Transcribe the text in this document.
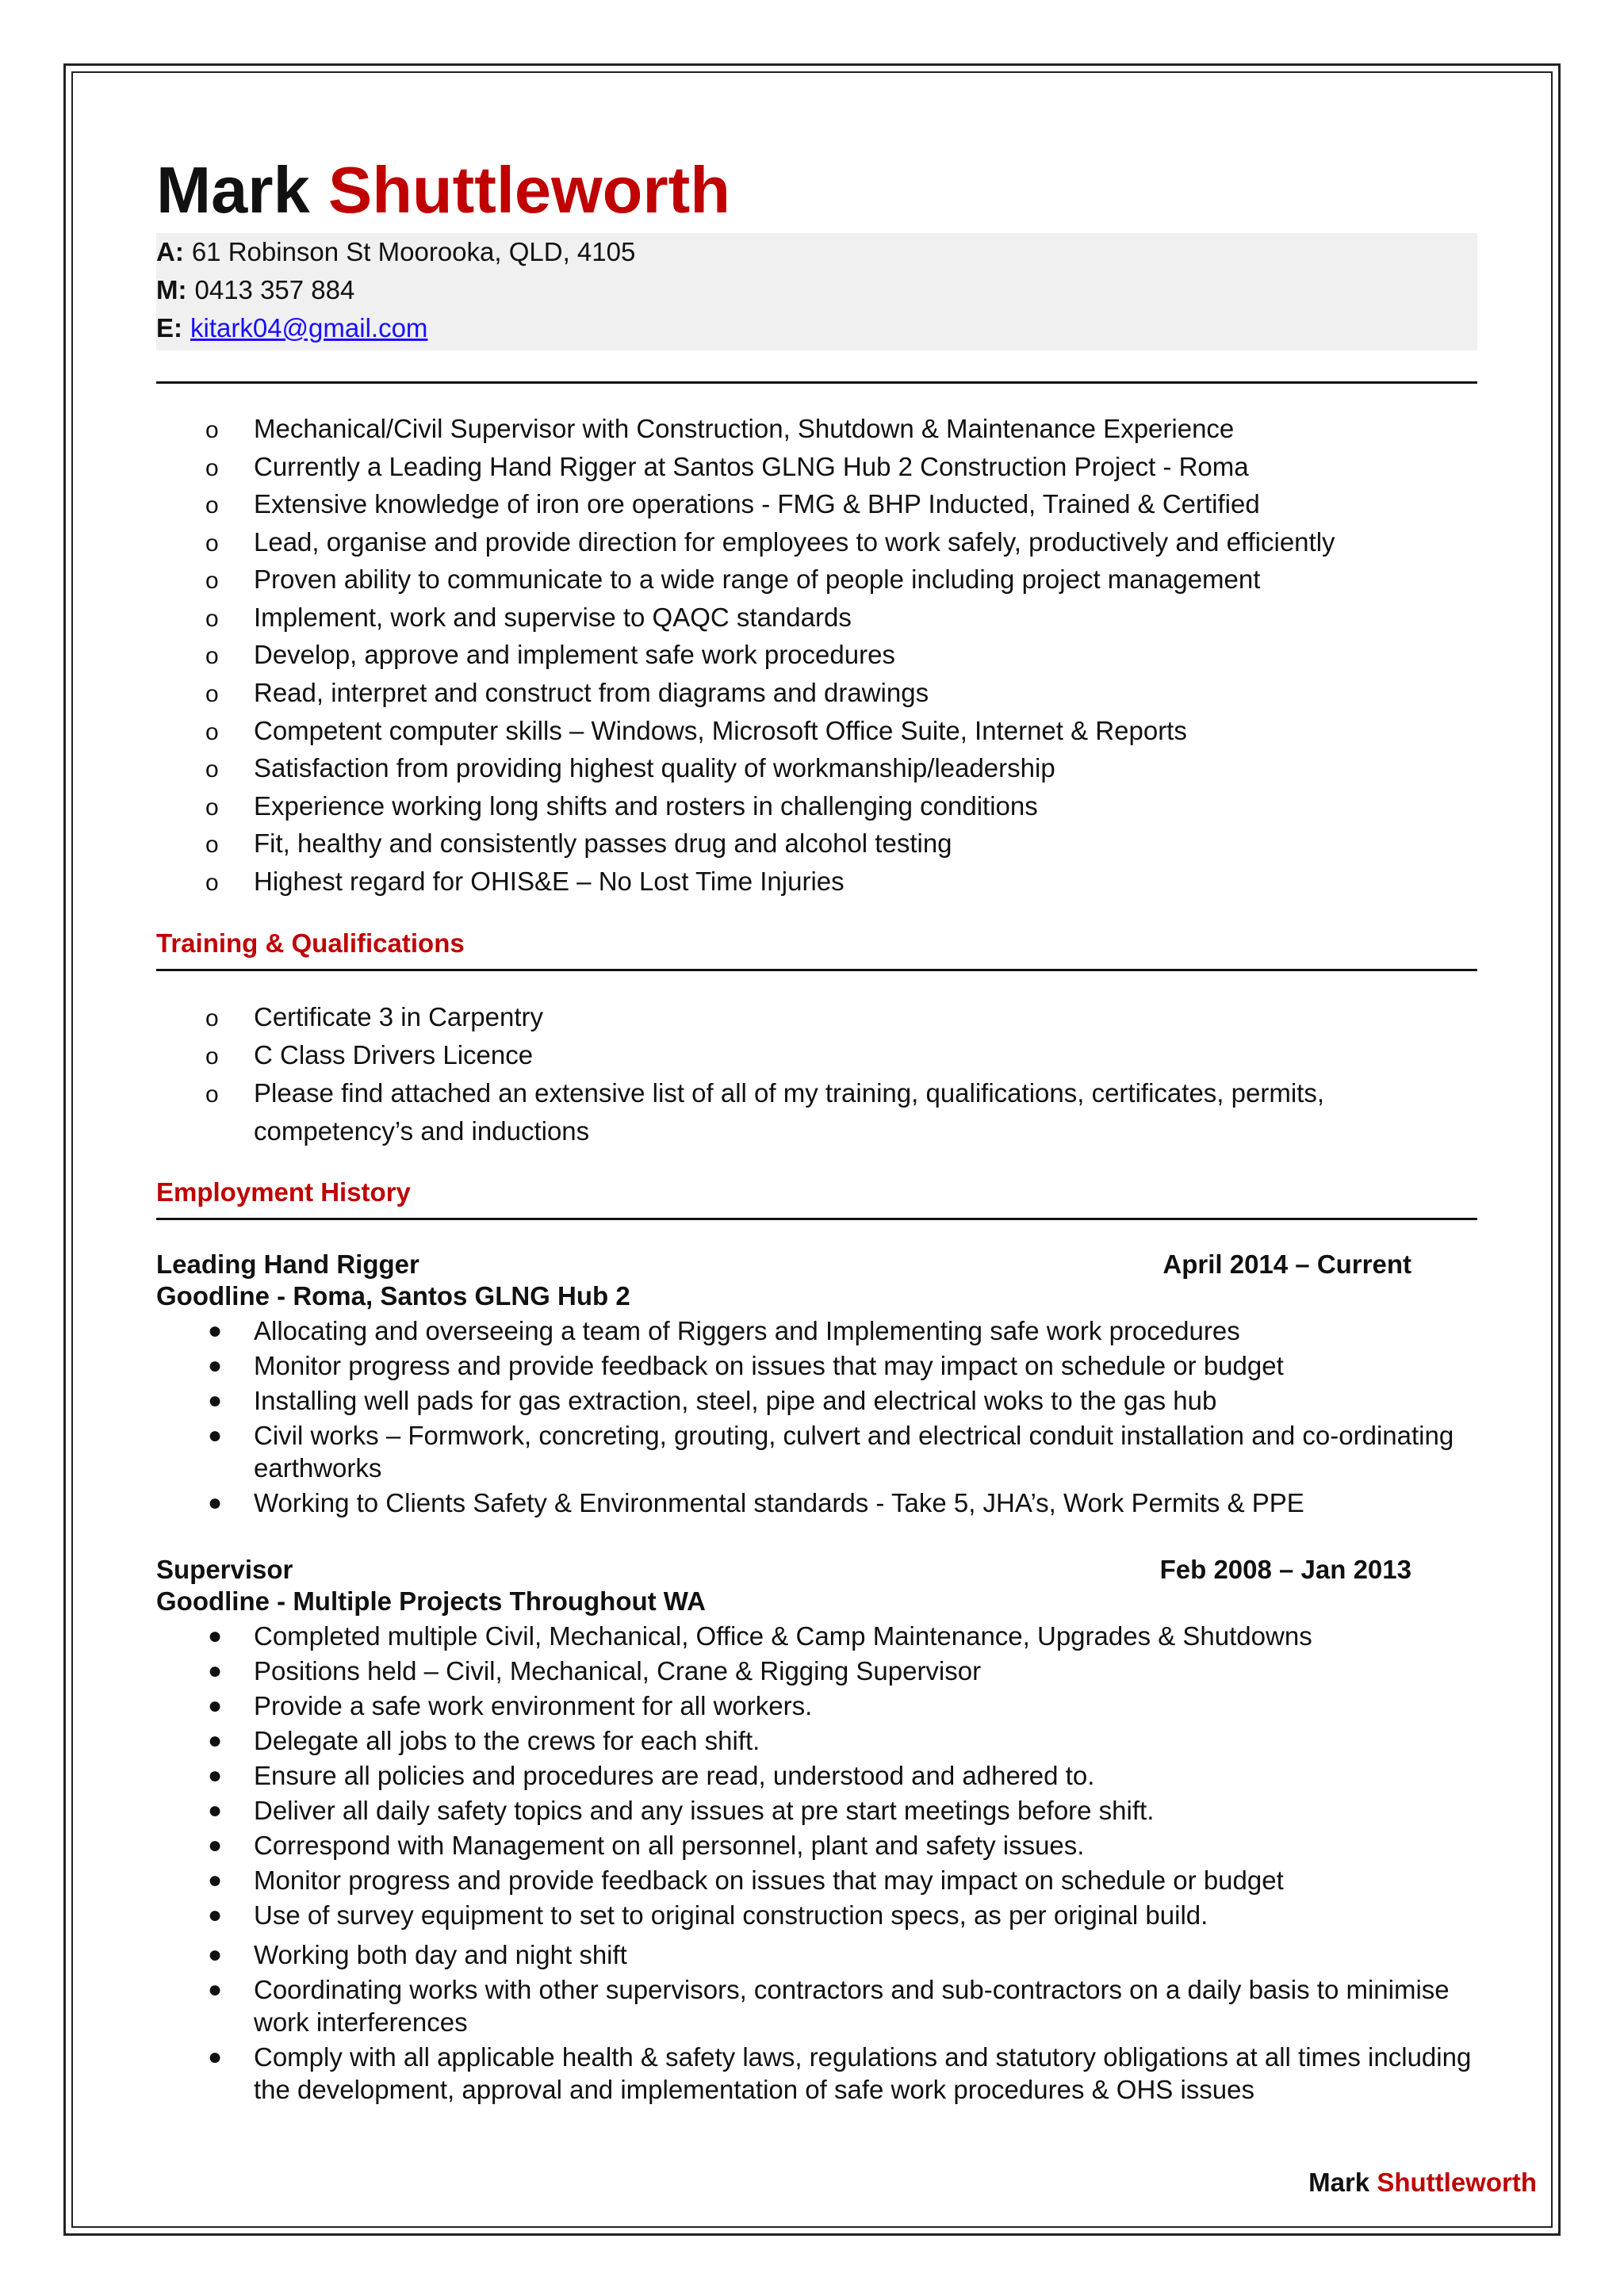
Mark Shuttleworth
A: 61 Robinson St Moorooka, QLD, 4105
M: 0413 357 884
E: kitark04@gmail.com
o Mechanical/Civil Supervisor with Construction, Shutdown & Maintenance Experience
o Currently a Leading Hand Rigger at Santos GLNG Hub 2 Construction Project - Roma
o Extensive knowledge of iron ore operations - FMG & BHP Inducted, Trained & Certified
o Lead, organise and provide direction for employees to work safely, productively and efficiently
o Proven ability to communicate to a wide range of people including project management
o Implement, work and supervise to QAQC standards
o Develop, approve and implement safe work procedures
o Read, interpret and construct from diagrams and drawings
o Competent computer skills – Windows, Microsoft Office Suite, Internet & Reports
o Satisfaction from providing highest quality of workmanship/leadership
o Experience working long shifts and rosters in challenging conditions
o Fit, healthy and consistently passes drug and alcohol testing
o Highest regard for OHIS&E – No Lost Time Injuries
Training & Qualifications
o Certificate 3 in Carpentry
o C Class Drivers Licence
o Please find attached an extensive list of all of my training, qualifications, certificates, permits,
competency’s and inductions
Employment History
Leading Hand Rigger	April 2014 – Current
Goodline - Roma, Santos GLNG Hub 2
● Allocating and overseeing a team of Riggers and Implementing safe work procedures
● Monitor progress and provide feedback on issues that may impact on schedule or budget
● Installing well pads for gas extraction, steel, pipe and electrical woks to the gas hub
● Civil works – Formwork, concreting, grouting, culvert and electrical conduit installation and co-ordinating earthworks
● Working to Clients Safety & Environmental standards - Take 5, JHA’s, Work Permits & PPE
Supervisor	Feb 2008 – Jan 2013
Goodline - Multiple Projects Throughout WA
● Completed multiple Civil, Mechanical, Office & Camp Maintenance, Upgrades & Shutdowns
● Positions held – Civil, Mechanical, Crane & Rigging Supervisor
● Provide a safe work environment for all workers.
● Delegate all jobs to the crews for each shift.
● Ensure all policies and procedures are read, understood and adhered to.
● Deliver all daily safety topics and any issues at pre start meetings before shift.
● Correspond with Management on all personnel, plant and safety issues.
● Monitor progress and provide feedback on issues that may impact on schedule or budget
● Use of survey equipment to set to original construction specs, as per original build.
● Working both day and night shift
● Coordinating works with other supervisors, contractors and sub-contractors on a daily basis to minimise work interferences
● Comply with all applicable health & safety laws, regulations and statutory obligations at all times including the development, approval and implementation of safe work procedures & OHS issues
Mark Shuttleworth
